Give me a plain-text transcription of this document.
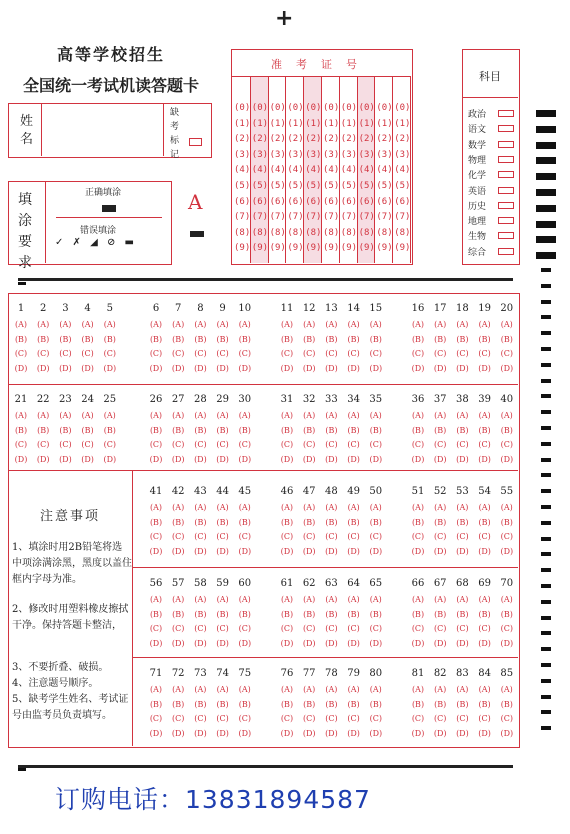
+
高等学校招生
全国统一考试机读答题卡
姓
名
缺考标记
填涂要求
正确填涂
错误填涂
✓ ✗ ◢ ⊘ ▬
A
准考证号
科目
注意事项
订购电话：13831894587
(0)
(1)
(2)
(3)
(4)
(5)
(6)
(7)
(8)
(9)
(0)
(1)
(2)
(3)
(4)
(5)
(6)
(7)
(8)
(9)
(0)
(1)
(2)
(3)
(4)
(5)
(6)
(7)
(8)
(9)
(0)
(1)
(2)
(3)
(4)
(5)
(6)
(7)
(8)
(9)
(0)
(1)
(2)
(3)
(4)
(5)
(6)
(7)
(8)
(9)
(0)
(1)
(2)
(3)
(4)
(5)
(6)
(7)
(8)
(9)
(0)
(1)
(2)
(3)
(4)
(5)
(6)
(7)
(8)
(9)
(0)
(1)
(2)
(3)
(4)
(5)
(6)
(7)
(8)
(9)
(0)
(1)
(2)
(3)
(4)
(5)
(6)
(7)
(8)
(9)
(0)
(1)
(2)
(3)
(4)
(5)
(6)
(7)
(8)
(9)
政治
语文
数学
物理
化学
英语
历史
地理
生物
综合
1
(A)
(B)
(C)
(D)
2
(A)
(B)
(C)
(D)
3
(A)
(B)
(C)
(D)
4
(A)
(B)
(C)
(D)
5
(A)
(B)
(C)
(D)
6
(A)
(B)
(C)
(D)
7
(A)
(B)
(C)
(D)
8
(A)
(B)
(C)
(D)
9
(A)
(B)
(C)
(D)
10
(A)
(B)
(C)
(D)
11
(A)
(B)
(C)
(D)
12
(A)
(B)
(C)
(D)
13
(A)
(B)
(C)
(D)
14
(A)
(B)
(C)
(D)
15
(A)
(B)
(C)
(D)
16
(A)
(B)
(C)
(D)
17
(A)
(B)
(C)
(D)
18
(A)
(B)
(C)
(D)
19
(A)
(B)
(C)
(D)
20
(A)
(B)
(C)
(D)
21
(A)
(B)
(C)
(D)
22
(A)
(B)
(C)
(D)
23
(A)
(B)
(C)
(D)
24
(A)
(B)
(C)
(D)
25
(A)
(B)
(C)
(D)
26
(A)
(B)
(C)
(D)
27
(A)
(B)
(C)
(D)
28
(A)
(B)
(C)
(D)
29
(A)
(B)
(C)
(D)
30
(A)
(B)
(C)
(D)
31
(A)
(B)
(C)
(D)
32
(A)
(B)
(C)
(D)
33
(A)
(B)
(C)
(D)
34
(A)
(B)
(C)
(D)
35
(A)
(B)
(C)
(D)
36
(A)
(B)
(C)
(D)
37
(A)
(B)
(C)
(D)
38
(A)
(B)
(C)
(D)
39
(A)
(B)
(C)
(D)
40
(A)
(B)
(C)
(D)
41
(A)
(B)
(C)
(D)
42
(A)
(B)
(C)
(D)
43
(A)
(B)
(C)
(D)
44
(A)
(B)
(C)
(D)
45
(A)
(B)
(C)
(D)
46
(A)
(B)
(C)
(D)
47
(A)
(B)
(C)
(D)
48
(A)
(B)
(C)
(D)
49
(A)
(B)
(C)
(D)
50
(A)
(B)
(C)
(D)
51
(A)
(B)
(C)
(D)
52
(A)
(B)
(C)
(D)
53
(A)
(B)
(C)
(D)
54
(A)
(B)
(C)
(D)
55
(A)
(B)
(C)
(D)
56
(A)
(B)
(C)
(D)
57
(A)
(B)
(C)
(D)
58
(A)
(B)
(C)
(D)
59
(A)
(B)
(C)
(D)
60
(A)
(B)
(C)
(D)
61
(A)
(B)
(C)
(D)
62
(A)
(B)
(C)
(D)
63
(A)
(B)
(C)
(D)
64
(A)
(B)
(C)
(D)
65
(A)
(B)
(C)
(D)
66
(A)
(B)
(C)
(D)
67
(A)
(B)
(C)
(D)
68
(A)
(B)
(C)
(D)
69
(A)
(B)
(C)
(D)
70
(A)
(B)
(C)
(D)
71
(A)
(B)
(C)
(D)
72
(A)
(B)
(C)
(D)
73
(A)
(B)
(C)
(D)
74
(A)
(B)
(C)
(D)
75
(A)
(B)
(C)
(D)
76
(A)
(B)
(C)
(D)
77
(A)
(B)
(C)
(D)
78
(A)
(B)
(C)
(D)
79
(A)
(B)
(C)
(D)
80
(A)
(B)
(C)
(D)
81
(A)
(B)
(C)
(D)
82
(A)
(B)
(C)
(D)
83
(A)
(B)
(C)
(D)
84
(A)
(B)
(C)
(D)
85
(A)
(B)
(C)
(D)
1、填涂时用2B铅笔将选中项涂满涂黑，黑度以盖住框内字母为准。
2、修改时用塑料橡皮擦拭干净。保持答题卡整洁，
3、不要折叠、破损。
4、注意题号顺序。
5、缺考学生姓名、考试证号由监考员负责填写。
